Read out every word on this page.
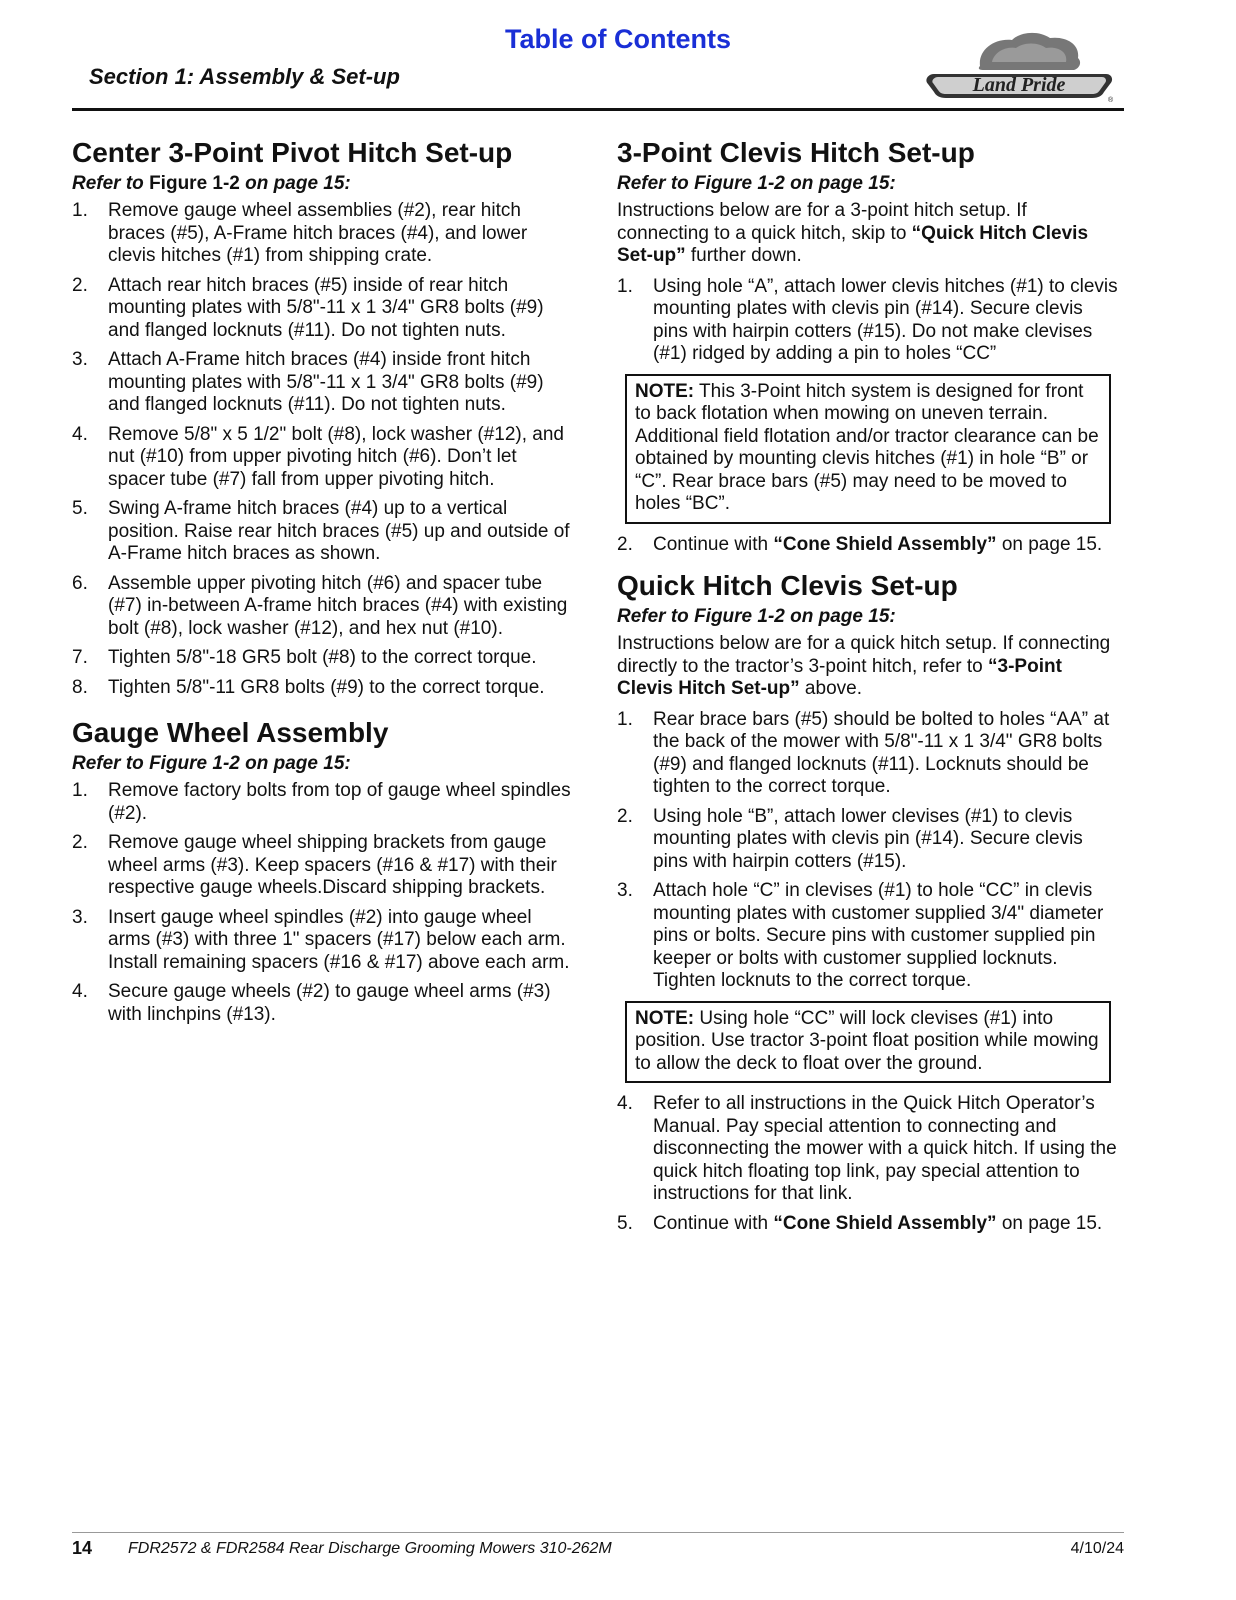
Table of Contents
Section 1: Assembly & Set-up	Land Pride
®
Center 3-Point Pivot Hitch Set-up
Refer to Figure 1-2 on page 15:
1. Remove gauge wheel assemblies (#2), rear hitch braces (#5), A-Frame hitch braces (#4), and lower clevis hitches (#1) from shipping crate.
2. Attach rear hitch braces (#5) inside of rear hitch mounting plates with 5/8"-11 x 1 3/4" GR8 bolts (#9) and flanged locknuts (#11). Do not tighten nuts.
3. Attach A-Frame hitch braces (#4) inside front hitch mounting plates with 5/8"-11 x 1 3/4" GR8 bolts (#9) and flanged locknuts (#11). Do not tighten nuts.
4. Remove 5/8" x 5 1/2" bolt (#8), lock washer (#12), and nut (#10) from upper pivoting hitch (#6). Don’t let spacer tube (#7) fall from upper pivoting hitch.
5. Swing A-frame hitch braces (#4) up to a vertical position. Raise rear hitch braces (#5) up and outside of A-Frame hitch braces as shown.
6. Assemble upper pivoting hitch (#6) and spacer tube (#7) in-between A-frame hitch braces (#4) with existing bolt (#8), lock washer (#12), and hex nut (#10).
7. Tighten 5/8"-18 GR5 bolt (#8) to the correct torque.
8. Tighten 5/8"-11 GR8 bolts (#9) to the correct torque.
Gauge Wheel Assembly
Refer to Figure 1-2 on page 15:
1. Remove factory bolts from top of gauge wheel spindles (#2).
2. Remove gauge wheel shipping brackets from gauge wheel arms (#3). Keep spacers (#16 & #17) with their respective gauge wheels.Discard shipping brackets.
3. Insert gauge wheel spindles (#2) into gauge wheel arms (#3) with three 1" spacers (#17) below each arm. Install remaining spacers (#16 & #17) above each arm.
4. Secure gauge wheels (#2) to gauge wheel arms (#3) with linchpins (#13).
3-Point Clevis Hitch Set-up
Refer to Figure 1-2 on page 15:

Instructions below are for a 3-point hitch setup. If connecting to a quick hitch, skip to “Quick Hitch Clevis Set-up” further down.

1. Using hole “A”, attach lower clevis hitches (#1) to clevis mounting plates with clevis pin (#14). Secure clevis pins with hairpin cotters (#15). Do not make clevises (#1) ridged by adding a pin to holes “CC”
NOTE: This 3-Point hitch system is designed for front to back flotation when mowing on uneven terrain. Additional field flotation and/or tractor clearance can be obtained by mounting clevis hitches (#1) in hole “B” or “C”. Rear brace bars (#5) may need to be moved to holes “BC”.
2. Continue with “Cone Shield Assembly” on page 15.
Quick Hitch Clevis Set-up
Refer to Figure 1-2 on page 15:

Instructions below are for a quick hitch setup. If connecting directly to the tractor’s 3-point hitch, refer to “3-Point Clevis Hitch Set-up” above.

1. Rear brace bars (#5) should be bolted to holes “AA” at the back of the mower with 5/8"-11 x 1 3/4" GR8 bolts (#9) and flanged locknuts (#11). Locknuts should be tighten to the correct torque.
2. Using hole “B”, attach lower clevises (#1) to clevis mounting plates with clevis pin (#14). Secure clevis pins with hairpin cotters (#15).
3. Attach hole “C” in clevises (#1) to hole “CC” in clevis mounting plates with customer supplied 3/4" diameter pins or bolts. Secure pins with customer supplied pin keeper or bolts with customer supplied locknuts. Tighten locknuts to the correct torque.
NOTE: Using hole “CC” will lock clevises (#1) into position. Use tractor 3-point float position while mowing to allow the deck to float over the ground.
4. Refer to all instructions in the Quick Hitch Operator’s Manual. Pay special attention to connecting and disconnecting the mower with a quick hitch. If using the quick hitch floating top link, pay special attention to instructions for that link.
5. Continue with “Cone Shield Assembly” on page 15.
14 FDR2572 & FDR2584 Rear Discharge Grooming Mowers 310-262M	4/10/24
